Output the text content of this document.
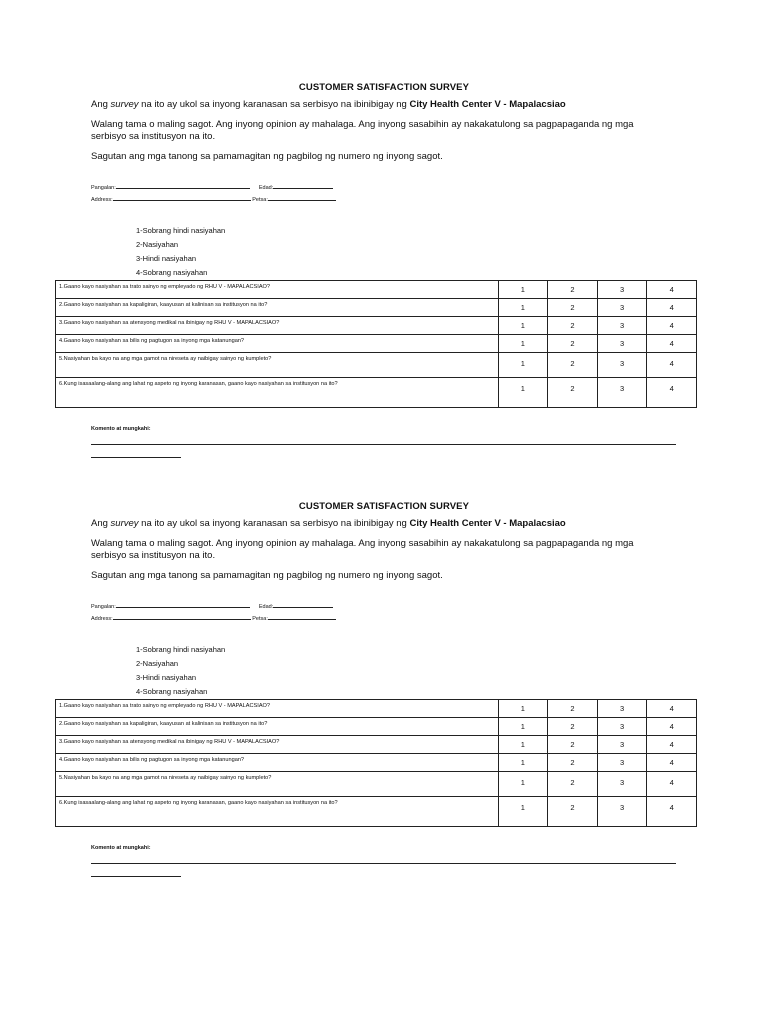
CUSTOMER SATISFACTION SURVEY
Ang survey na ito ay ukol sa inyong karanasan sa serbisyo na ibinibigay ng City Health Center V - Mapalacsiao
Walang tama o maling sagot. Ang inyong opinion ay mahalaga. Ang inyong sasabihin ay nakakatulong sa pagpapaganda ng mga serbisyo sa institusyon na ito.
Sagutan ang mga tanong sa pamamagitan ng pagbilog ng numero ng inyong sagot.
Pangalan:	Edad:
Address:	Petsa:
1-Sobrang hindi nasiyahan
2-Nasiyahan
3-Hindi nasiyahan
4-Sobrang nasiyahan
1.Gaano kayo nasiyahan sa trato sainyo ng empleyado ng RHU V - MAPALACSIAO?	1	2	3	4
2.Gaano kayo nasiyahan sa kapaligiran, kaayusan at kalinisan sa institusyon na ito?	1	2	3	4
3.Gaano kayo nasiyahan sa atensyong medikal na ibinigay ng RHU V - MAPALACSIAO?	1	2	3	4
4.Gaano kayo nasiyahan sa bilis ng pagtugon sa inyong mga katanungan?	1	2	3	4
5.Nasiyahan ba kayo na ang mga gamot na nireseta ay naibigay sainyo ng kumpleto?	1	2	3	4
6.Kung isasaalang-alang ang lahat ng aspeto ng inyong karanasan, gaano kayo nasiyahan sa institusyon na ito?	1	2	3	4
Komento at mungkahi:
CUSTOMER SATISFACTION SURVEY
Ang survey na ito ay ukol sa inyong karanasan sa serbisyo na ibinibigay ng City Health Center V - Mapalacsiao
Walang tama o maling sagot. Ang inyong opinion ay mahalaga. Ang inyong sasabihin ay nakakatulong sa pagpapaganda ng mga serbisyo sa institusyon na ito.
Sagutan ang mga tanong sa pamamagitan ng pagbilog ng numero ng inyong sagot.
Pangalan:	Edad:
Address:	Petsa:
1-Sobrang hindi nasiyahan
2-Nasiyahan
3-Hindi nasiyahan
4-Sobrang nasiyahan
1.Gaano kayo nasiyahan sa trato sainyo ng empleyado ng RHU V - MAPALACSIAO?	1	2	3	4
2.Gaano kayo nasiyahan sa kapaligiran, kaayusan at kalinisan sa institusyon na ito?	1	2	3	4
3.Gaano kayo nasiyahan sa atensyong medikal na ibinigay ng RHU V - MAPALACSIAO?	1	2	3	4
4.Gaano kayo nasiyahan sa bilis ng pagtugon sa inyong mga katanungan?	1	2	3	4
5.Nasiyahan ba kayo na ang mga gamot na nireseta ay naibigay sainyo ng kumpleto?	1	2	3	4
6.Kung isasaalang-alang ang lahat ng aspeto ng inyong karanasan, gaano kayo nasiyahan sa institusyon na ito?	1	2	3	4
Komento at mungkahi:
